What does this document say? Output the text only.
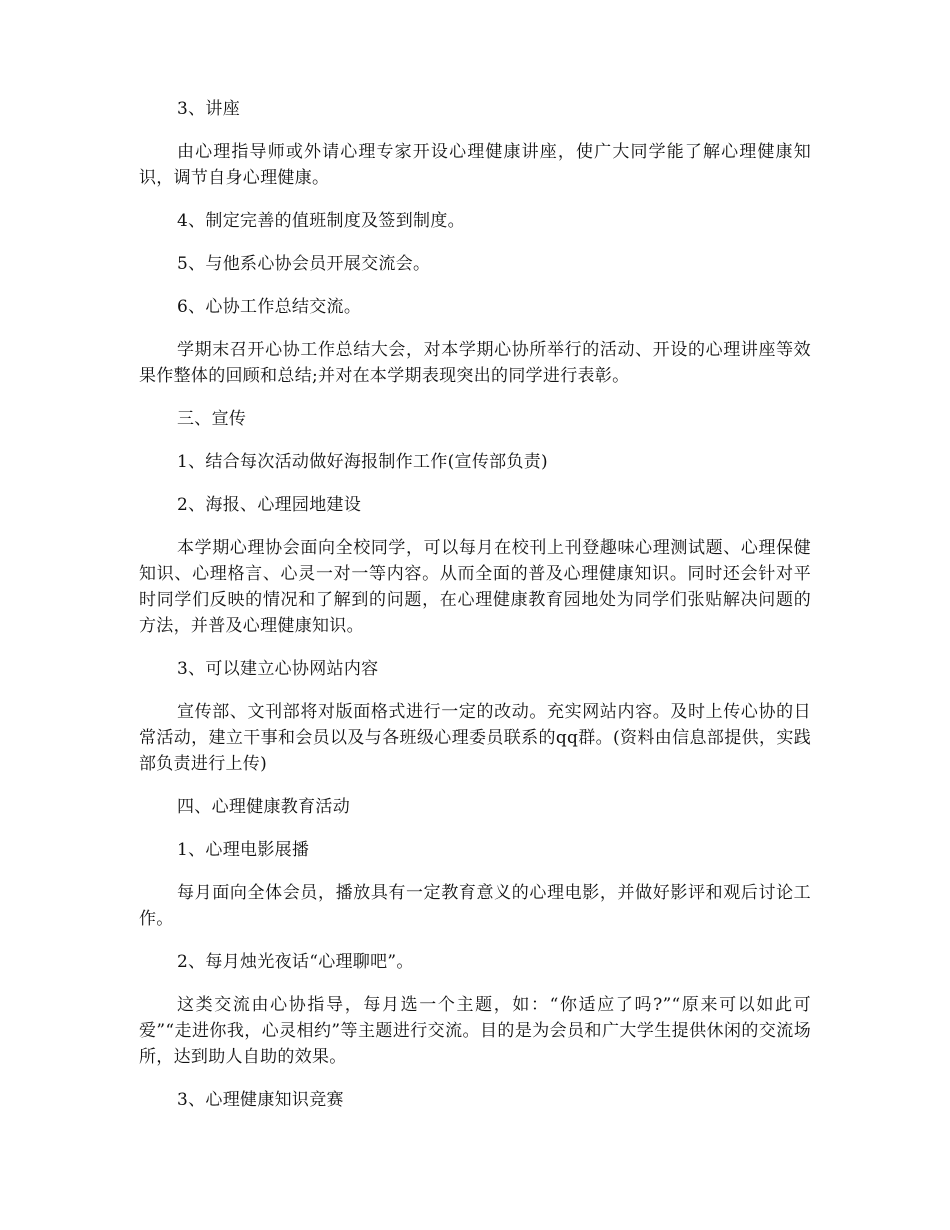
3、讲座

由心理指导师或外请心理专家开设心理健康讲座，使广大同学能了解心理健康知识，调节自身心理健康。

4、制定完善的值班制度及签到制度。

5、与他系心协会员开展交流会。

6、心协工作总结交流。

学期末召开心协工作总结大会，对本学期心协所举行的活动、开设的心理讲座等效果作整体的回顾和总结;并对在本学期表现突出的同学进行表彰。

三、宣传

1、结合每次活动做好海报制作工作(宣传部负责)

2、海报、心理园地建设

本学期心理协会面向全校同学，可以每月在校刊上刊登趣味心理测试题、心理保健知识、心理格言、心灵一对一等内容。从而全面的普及心理健康知识。同时还会针对平时同学们反映的情况和了解到的问题，在心理健康教育园地处为同学们张贴解决问题的方法，并普及心理健康知识。

3、可以建立心协网站内容

宣传部、文刊部将对版面格式进行一定的改动。充实网站内容。及时上传心协的日常活动，建立干事和会员以及与各班级心理委员联系的qq群。(资料由信息部提供，实践部负责进行上传)

四、心理健康教育活动

1、心理电影展播

每月面向全体会员，播放具有一定教育意义的心理电影，并做好影评和观后讨论工作。

2、每月烛光夜话“心理聊吧”。

这类交流由心协指导，每月选一个主题，如：“你适应了吗?”“原来可以如此可爱”“走进你我，心灵相约”等主题进行交流。目的是为会员和广大学生提供休闲的交流场所，达到助人自助的效果。

3、心理健康知识竞赛
